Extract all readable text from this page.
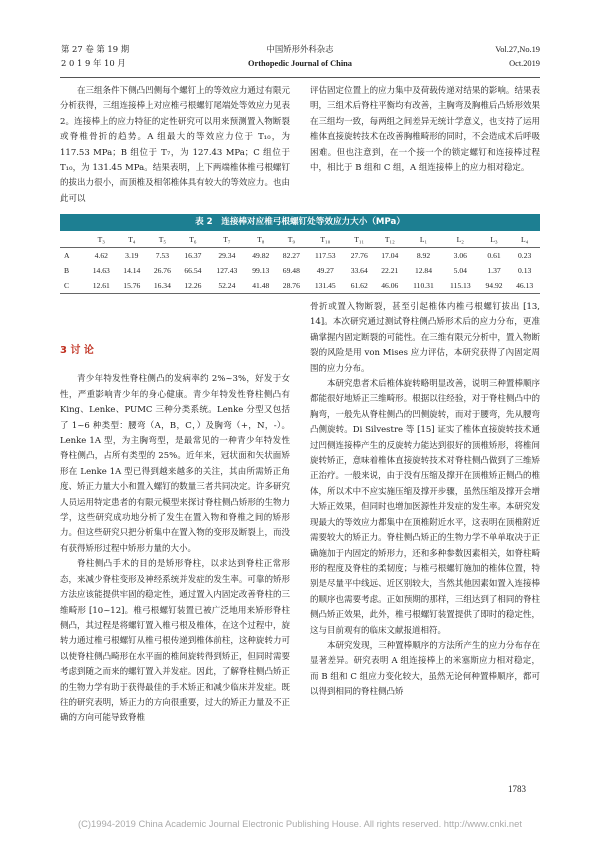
第 27 卷 第 19 期
2 0 1 9 年 10 月
中国矫形外科杂志
Orthopedic Journal of China
Vol.27,No.19
Oct.2019

在三组条件下侧凸凹侧每个螺钉上的等效应力通过有限元分析获得，三组连接棒上对应椎弓根螺钉尾端处等效应力见表 2。连接棒上的应力特征的定性研究可以用来预测置入物断裂或脊椎骨折的趋势。A 组最大的等效应力位于 T₁₀，为 117.53 MPa；B 组位于 T₇，为 127.43 MPa；C 组位于 T₁₀，为 131.45 MPa。结果表明，上下两端椎体椎弓根螺钉的拔出力很小，而顶椎及相邻椎体具有较大的等效应力。也由此可以

评估固定位置上的应力集中及荷载传递对结果的影响。结果表明，三组术后脊柱平衡均有改善，主胸弯及胸椎后凸矫形效果在三组均一致，每两组之间差异无统计学意义，也支持了运用椎体直接旋转技术在改善胸椎畸形的同时，不会造成术后呼吸困难。但也注意到，在一个接一个的锁定螺钉和连接棒过程中，相比于 B 组和 C 组，A 组连接棒上的应力相对稳定。

表 2　连接棒对应椎弓根螺钉处等效应力大小（MPa）
	T₃	T₄	T₅	T₆	T₇	T₈	T₉	T₁₀	T₁₁	T₁₂	L₁	L₂	L₃	L₄
A	4.62	3.19	7.53	16.37	29.34	49.82	82.27	117.53	27.76	17.04	8.92	3.06	0.61	0.23
B	14.63	14.14	26.76	66.54	127.43	99.13	69.48	49.27	33.64	22.21	12.84	5.04	1.37	0.13
C	12.61	15.76	16.34	12.26	52.24	41.48	28.76	131.45	61.62	46.06	110.31	115.13	94.92	46.13
3 讨 论

青少年特发性脊柱侧凸的发病率约 2%~3%，好发于女性，严重影响青少年的身心健康。青少年特发性脊柱侧凸有 King、Lenke、PUMC 三种分类系统。Lenke 分型又包括了 1~6 种类型：腰弯（A，B，C，）及胸弯（+，N，-）。Lenke 1A 型，为主胸弯型，是最常见的一种青少年特发性脊柱侧凸，占所有类型的 25%。近年来，冠状面和矢状面矫形在 Lenke 1A 型已得到越来越多的关注，其由所需矫正角度、矫正力量大小和置入螺钉的数量三者共同决定。许多研究人员运用特定患者的有限元模型来探讨脊柱侧凸矫形的生物力学，这些研究成功地分析了发生在置入物和脊椎之间的矫形力。但这些研究只把分析集中在置入物的变形及断裂上，而没有获得矫形过程中矫形力量的大小。

脊柱侧凸手术的目的是矫形脊柱，以求达到脊柱正常形态，来减少脊柱变形及神经系统并发症的发生率。可靠的矫形方法应该能提供牢固的稳定性，通过置入内固定改善脊柱的三维畸形 [10~12]。椎弓根螺钉装置已被广泛地用来矫形脊柱侧凸，其过程是将螺钉置入椎弓根及椎体，在这个过程中，旋转力通过椎弓根螺钉从椎弓根传递到椎体前柱，这种旋转力可以使脊柱侧凸畸形在水平面的椎间旋转得到矫正，但同时需要考虑到随之而来的螺钉置入并发症。因此，了解脊柱侧凸矫正的生物力学有助于获得最佳的手术矫正和减少临床并发症。既往的研究表明，矫正力的方向很重要，过大的矫正力量及不正确的方向可能导致脊椎

骨折或置入物断裂，甚至引起椎体内椎弓根螺钉拔出 [13, 14]。本次研究通过测试脊柱侧凸矫形术后的应力分布，更准确掌握内固定断裂的可能性。在三维有限元分析中，置入物断裂的风险是用 von Mises 应力评估，本研究获得了內固定周围的应力分布。

本研究患者术后椎体旋转略明显改善，说明三种置棒顺序都能很好地矫正三维畸形。根据以往经验，对于脊柱侧凸中的胸弯，一般先从脊柱侧凸的凹侧旋转，而对于腰弯，先从腰弯凸侧旋转。Di Silvestre 等 [15] 证实了椎体直接旋转技术通过凹侧连接棒产生的反旋转力能达到很好的顶椎矫形，将椎间旋转矫正，意味着椎体直接旋转技术对脊柱侧凸做到了三维矫正治疗。一般来说，由于没有压缩及撑开在顶椎矫正侧凸的椎体，所以术中不应实施压缩及撑开步骤，虽然压缩及撑开会增大矫正效果，但同时也增加医源性并发症的发生率。本研究发现最大的等效应力都集中在顶椎附近水平，这表明在顶椎附近需要较大的矫正力。脊柱侧凸矫正的生物力学不单单取决于正确施加于内固定的矫形力，还和多种参数因素相关，如脊柱畸形的程度及脊柱的柔韧度；与椎弓根螺钉施加的椎体位置，特别是尽量平中线远、近区别较大，当然其他因素如置入连接棒的顺序也需要考虑。正如预期的那样，三组达到了相同的脊柱侧凸矫正效果，此外，椎弓根螺钉装置提供了即时的稳定性，这与目前观有的临床文献报道相符。

本研究发现，三种置棒顺序的方法所产生的应力分布存在显著差异。研究表明 A 组连接棒上的米塞斯应力相对稳定，而 B 组和 C 组应力变化较大，虽然无论何种置棒顺序，都可以得到相同的脊柱侧凸矫

1783
(C)1994-2019 China Academic Journal Electronic Publishing House. All rights reserved. http://www.cnki.net
